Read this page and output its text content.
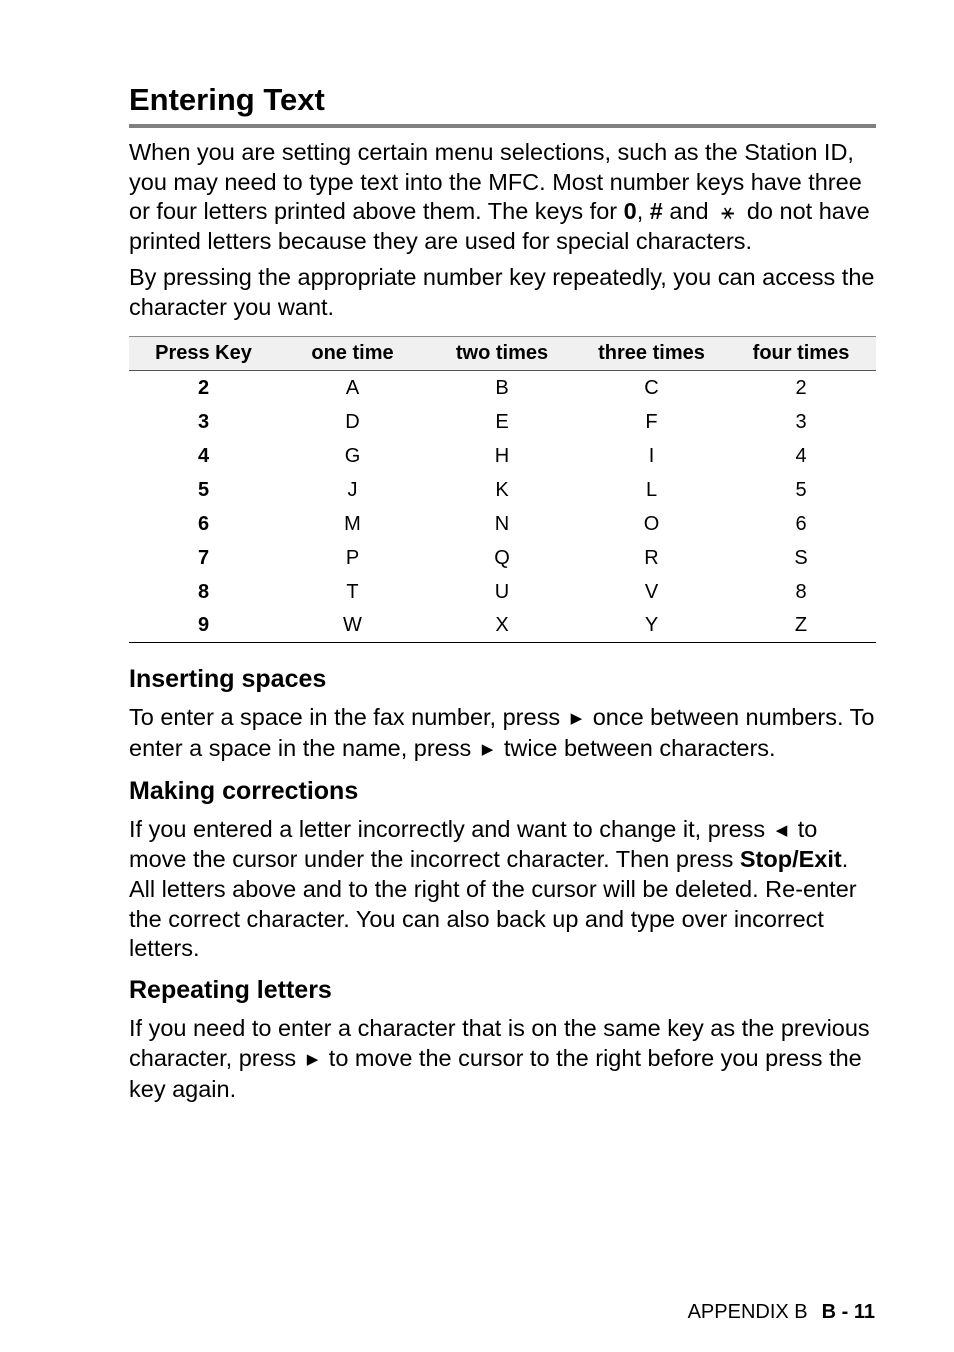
Entering Text

When you are setting certain menu selections, such as the Station ID, you may need to type text into the MFC. Most number keys have three or four letters printed above them. The keys for 0, # and ⚹ do not have printed letters because they are used for special characters.

By pressing the appropriate number key repeatedly, you can access the character you want.

Press Key	one time	two times	three times	four times
2	A	B	C	2
3	D	E	F	3
4	G	H	I	4
5	J	K	L	5
6	M	N	O	6
7	P	Q	R	S
8	T	U	V	8
9	W	X	Y	Z
Inserting spaces

To enter a space in the fax number, press ▶ once between numbers. To enter a space in the name, press ▶ twice between characters.

Making corrections

If you entered a letter incorrectly and want to change it, press ◀ to move the cursor under the incorrect character. Then press Stop/Exit. All letters above and to the right of the cursor will be deleted. Re-enter the correct character. You can also back up and type over incorrect letters.

Repeating letters

If you need to enter a character that is on the same key as the previous character, press ▶ to move the cursor to the right before you press the key again.

APPENDIX B B - 11
